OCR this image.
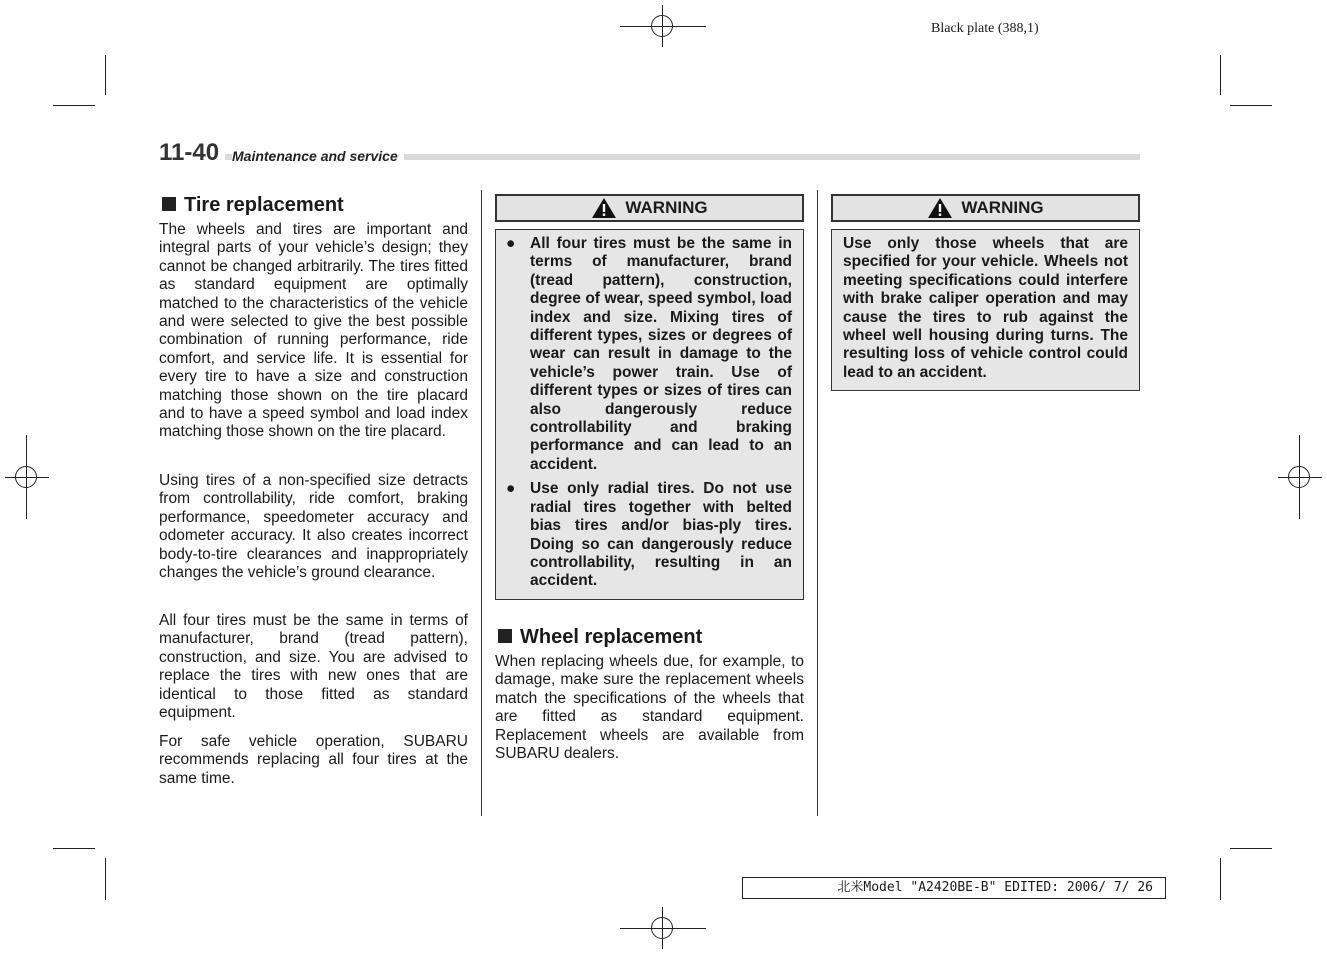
Black plate (388,1)
11-40 Maintenance and service
Tire replacement

The wheels and tires are important and integral parts of your vehicle’s design; they cannot be changed arbitrarily. The tires fitted as standard equipment are optimally matched to the characteristics of the vehicle and were selected to give the best possible combination of running performance, ride comfort, and service life. It is essential for every tire to have a size and construction matching those shown on the tire placard and to have a speed symbol and load index matching those shown on the tire placard.

Using tires of a non-specified size detracts from controllability, ride comfort, braking performance, speedometer accuracy and odometer accuracy. It also creates incorrect body-to-tire clearances and inappropriately changes the vehicle’s ground clearance.

All four tires must be the same in terms of manufacturer, brand (tread pattern), construction, and size. You are advised to replace the tires with new ones that are identical to those fitted as standard equipment.

For safe vehicle operation, SUBARU recommends replacing all four tires at the same time.

WARNING
● All four tires must be the same in terms of manufacturer, brand (tread pattern), construction, degree of wear, speed symbol, load index and size. Mixing tires of different types, sizes or degrees of wear can result in damage to the vehicle’s power train. Use of different types or sizes of tires can also dangerously reduce controllability and braking performance and can lead to an accident.
● Use only radial tires. Do not use radial tires together with belted bias tires and/or bias-ply tires. Doing so can dangerously reduce controllability, resulting in an accident.
Wheel replacement

When replacing wheels due, for example, to damage, make sure the replacement wheels match the specifications of the wheels that are fitted as standard equipment. Replacement wheels are available from SUBARU dealers.

WARNING

Use only those wheels that are specified for your vehicle. Wheels not meeting specifications could interfere with brake caliper operation and may cause the tires to rub against the wheel well housing during turns. The resulting loss of vehicle control could lead to an accident.

北米Model "A2420BE-B" EDITED: 2006/ 7/ 26
